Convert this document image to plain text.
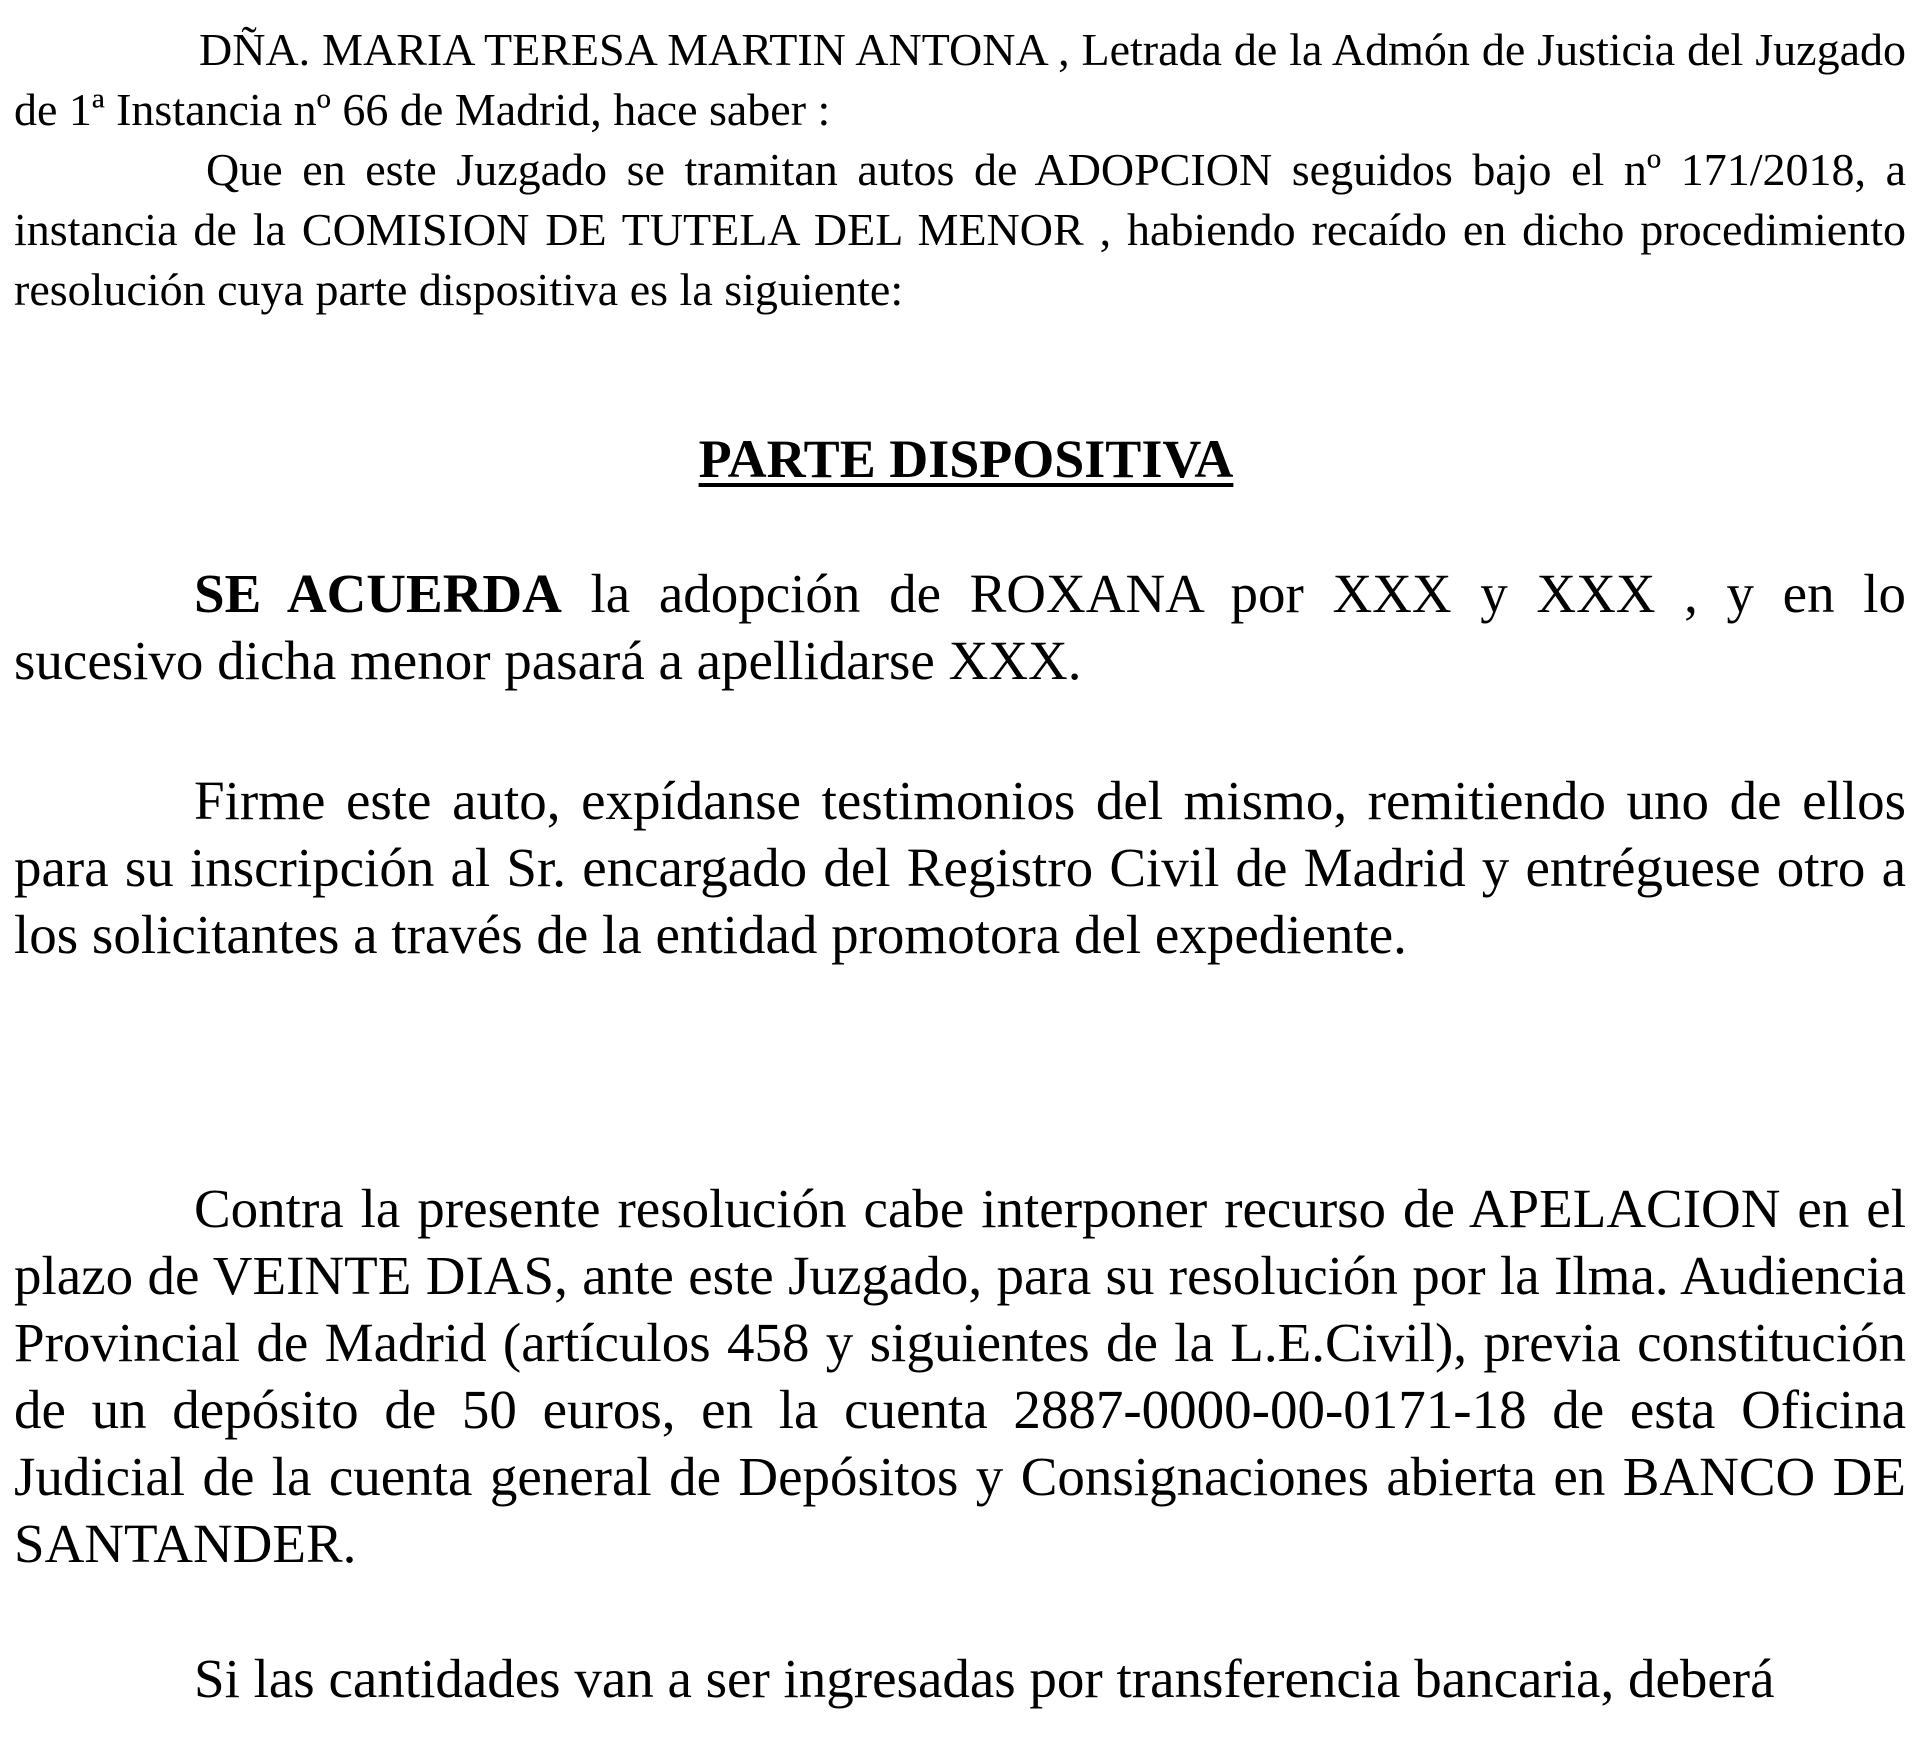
DÑA. MARIA TERESA MARTIN ANTONA , Letrada de la Admón de Justicia del Juzgado de 1ª Instancia nº 66 de Madrid, hace saber :

Que en este Juzgado se tramitan autos de ADOPCION seguidos bajo el nº 171/2018, a instancia de la COMISION DE TUTELA DEL MENOR , habiendo recaído en dicho procedimiento resolución cuya parte dispositiva es la siguiente:

PARTE DISPOSITIVA

SE ACUERDA la adopción de ROXANA por XXX y XXX , y en lo sucesivo dicha menor pasará a apellidarse XXX.

Firme este auto, expídanse testimonios del mismo, remitiendo uno de ellos para su inscripción al Sr. encargado del Registro Civil de Madrid y entréguese otro a los solicitantes a través de la entidad promotora del expediente.

Contra la presente resolución cabe interponer recurso de APELACION en el plazo de VEINTE DIAS, ante este Juzgado, para su resolución por la Ilma. Audiencia Provincial de Madrid (artículos 458 y siguientes de la L.E.Civil), previa constitución de un depósito de 50 euros, en la cuenta 2887-0000-00-0171-18 de esta Oficina Judicial de la cuenta general de Depósitos y Consignaciones abierta en BANCO DE SANTANDER.

Si las cantidades van a ser ingresadas por transferencia bancaria, deberá
